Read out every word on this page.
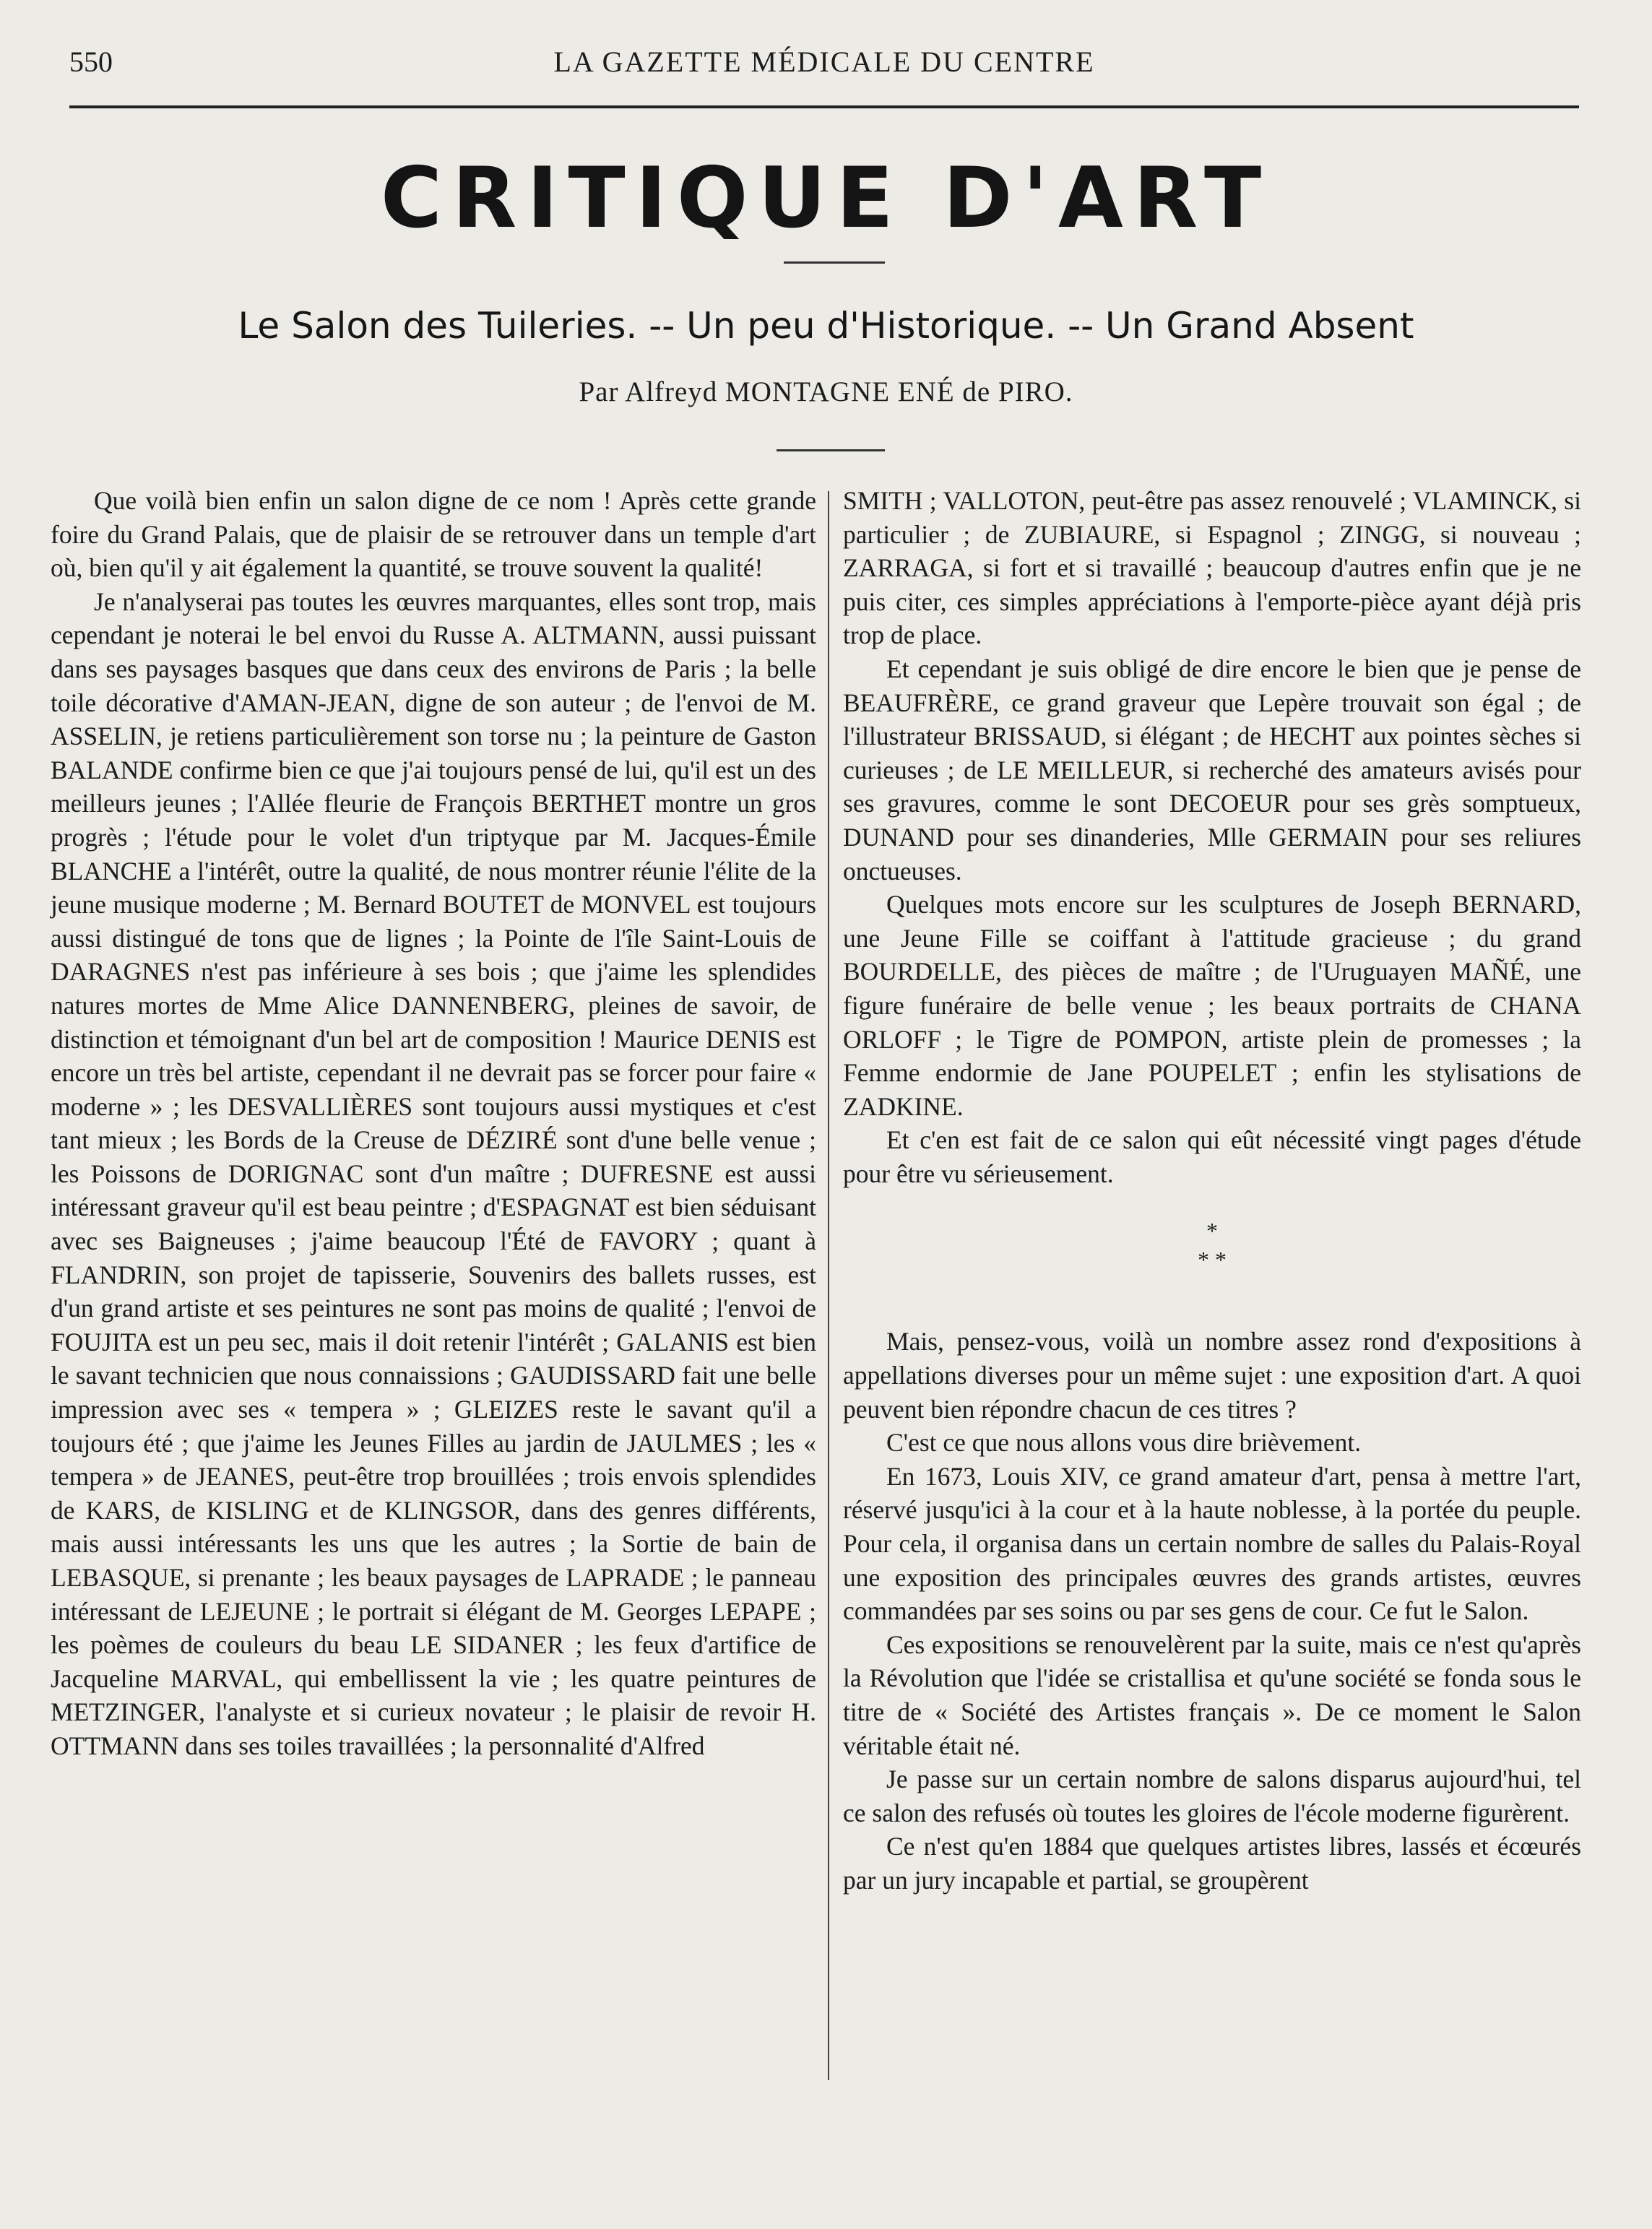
550	LA GAZETTE MÉDICALE DU CENTRE
CRITIQUE D'ART
Le Salon des Tuileries. -- Un peu d'Historique. -- Un Grand Absent
Par Alfreyd MONTAGNE ENÉ de PIRO.

Que voilà bien enfin un salon digne de ce nom ! Après cette grande foire du Grand Palais, que de plaisir de se retrouver dans un temple d'art où, bien qu'il y ait également la quantité, se trouve souvent la qualité!

Je n'analyserai pas toutes les œuvres marquantes, elles sont trop, mais cependant je noterai le bel envoi du Russe A. ALTMANN, aussi puissant dans ses paysages basques que dans ceux des environs de Paris ; la belle toile décorative d'AMAN-JEAN, digne de son auteur ; de l'envoi de M. ASSELIN, je retiens particulièrement son torse nu ; la peinture de Gaston BALANDE confirme bien ce que j'ai toujours pensé de lui, qu'il est un des meilleurs jeunes ; l'Allée fleurie de François BERTHET montre un gros progrès ; l'étude pour le volet d'un triptyque par M. Jacques-Émile BLANCHE a l'intérêt, outre la qualité, de nous montrer réunie l'élite de la jeune musique moderne ; M. Bernard BOUTET de MONVEL est toujours aussi distingué de tons que de lignes ; la Pointe de l'île Saint-Louis de DARAGNES n'est pas inférieure à ses bois ; que j'aime les splendides natures mortes de Mme Alice DANNENBERG, pleines de savoir, de distinction et témoignant d'un bel art de composition ! Maurice DENIS est encore un très bel artiste, cependant il ne devrait pas se forcer pour faire « moderne » ; les DESVALLIÈRES sont toujours aussi mystiques et c'est tant mieux ; les Bords de la Creuse de DÉZIRÉ sont d'une belle venue ; les Poissons de DORIGNAC sont d'un maître ; DUFRESNE est aussi intéressant graveur qu'il est beau peintre ; d'ESPAGNAT est bien séduisant avec ses Baigneuses ; j'aime beaucoup l'Été de FAVORY ; quant à FLANDRIN, son projet de tapisserie, Souvenirs des ballets russes, est d'un grand artiste et ses peintures ne sont pas moins de qualité ; l'envoi de FOUJITA est un peu sec, mais il doit retenir l'intérêt ; GALANIS est bien le savant technicien que nous connaissions ; GAUDISSARD fait une belle impression avec ses « tempera » ; GLEIZES reste le savant qu'il a toujours été ; que j'aime les Jeunes Filles au jardin de JAULMES ; les « tempera » de JEANES, peut-être trop brouillées ; trois envois splendides de KARS, de KISLING et de KLINGSOR, dans des genres différents, mais aussi intéressants les uns que les autres ; la Sortie de bain de LEBASQUE, si prenante ; les beaux paysages de LAPRADE ; le panneau intéressant de LEJEUNE ; le portrait si élégant de M. Georges LEPAPE ; les poèmes de couleurs du beau LE SIDANER ; les feux d'artifice de Jacqueline MARVAL, qui embellissent la vie ; les quatre peintures de METZINGER, l'analyste et si curieux novateur ; le plaisir de revoir H. OTTMANN dans ses toiles travaillées ; la personnalité d'Alfred

SMITH ; VALLOTON, peut-être pas assez renouvelé ; VLAMINCK, si particulier ; de ZUBIAURE, si Espagnol ; ZINGG, si nouveau ; ZARRAGA, si fort et si travaillé ; beaucoup d'autres enfin que je ne puis citer, ces simples appréciations à l'emporte-pièce ayant déjà pris trop de place.

Et cependant je suis obligé de dire encore le bien que je pense de BEAUFRÈRE, ce grand graveur que Lepère trouvait son égal ; de l'illustrateur BRISSAUD, si élégant ; de HECHT aux pointes sèches si curieuses ; de LE MEILLEUR, si recherché des amateurs avisés pour ses gravures, comme le sont DECOEUR pour ses grès somptueux, DUNAND pour ses dinanderies, Mlle GERMAIN pour ses reliures onctueuses.

Quelques mots encore sur les sculptures de Joseph BERNARD, une Jeune Fille se coiffant à l'attitude gracieuse ; du grand BOURDELLE, des pièces de maître ; de l'Uruguayen MAÑÉ, une figure funéraire de belle venue ; les beaux portraits de CHANA ORLOFF ; le Tigre de POMPON, artiste plein de promesses ; la Femme endormie de Jane POUPELET ; enfin les stylisations de ZADKINE.

Et c'en est fait de ce salon qui eût nécessité vingt pages d'étude pour être vu sérieusement.

*
* *

Mais, pensez-vous, voilà un nombre assez rond d'expositions à appellations diverses pour un même sujet : une exposition d'art. A quoi peuvent bien répondre chacun de ces titres ?

C'est ce que nous allons vous dire brièvement.

En 1673, Louis XIV, ce grand amateur d'art, pensa à mettre l'art, réservé jusqu'ici à la cour et à la haute noblesse, à la portée du peuple. Pour cela, il organisa dans un certain nombre de salles du Palais-Royal une exposition des principales œuvres des grands artistes, œuvres commandées par ses soins ou par ses gens de cour. Ce fut le Salon.

Ces expositions se renouvelèrent par la suite, mais ce n'est qu'après la Révolution que l'idée se cristallisa et qu'une société se fonda sous le titre de « Société des Artistes français ». De ce moment le Salon véritable était né.

Je passe sur un certain nombre de salons disparus aujourd'hui, tel ce salon des refusés où toutes les gloires de l'école moderne figurèrent.

Ce n'est qu'en 1884 que quelques artistes libres, lassés et écœurés par un jury incapable et partial, se groupèrent
